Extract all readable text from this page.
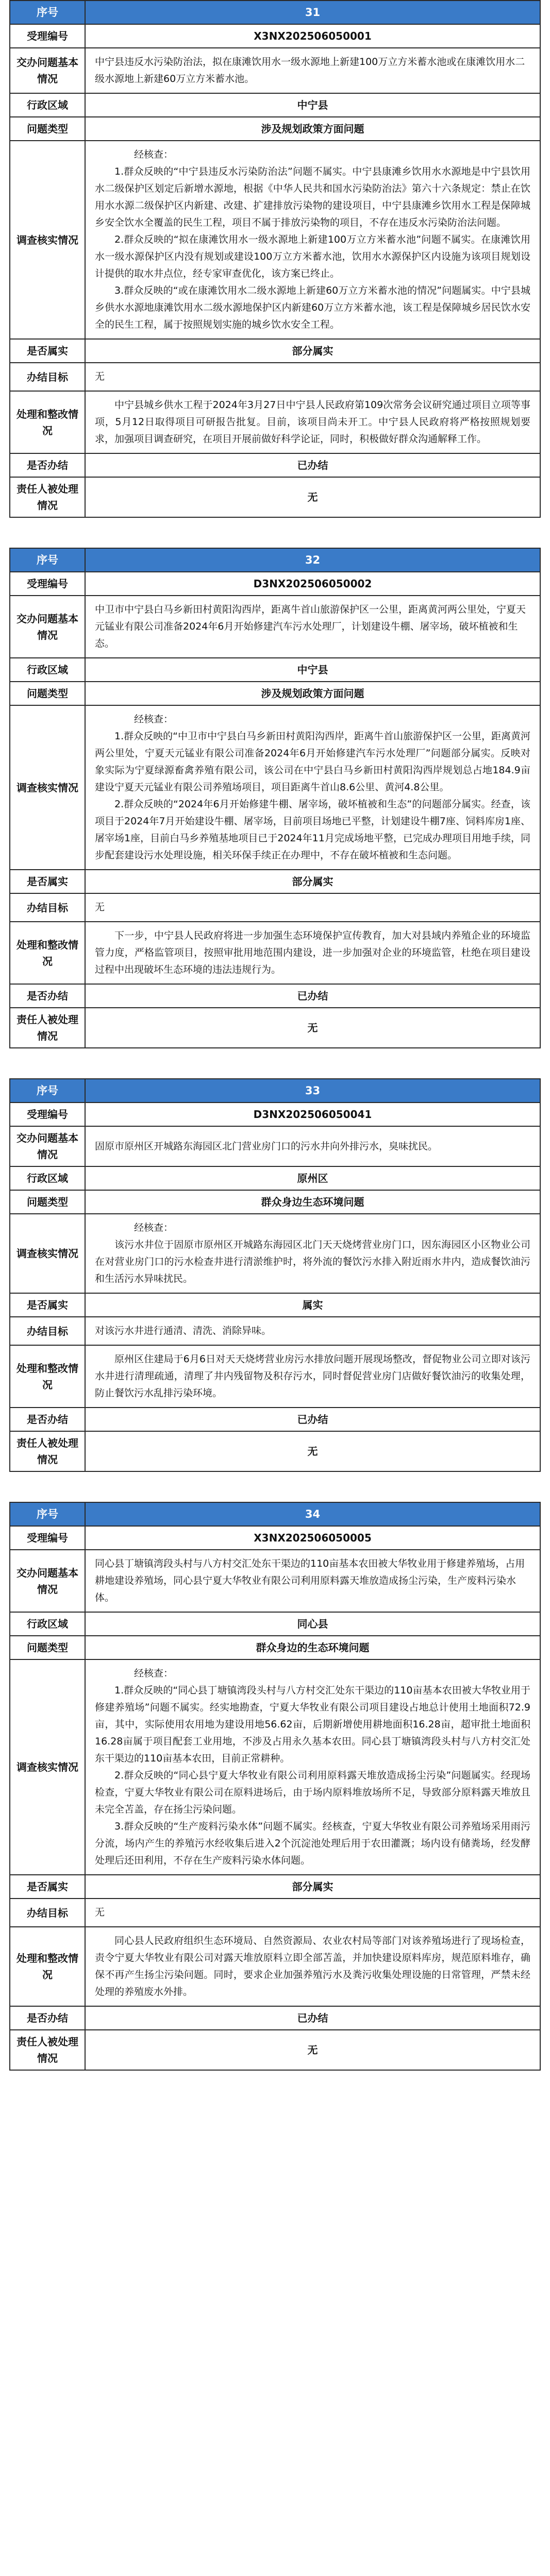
序号	31
受理编号	X3NX202506050001
交办问题基本情况	中宁县违反水污染防治法，拟在康滩饮用水一级水源地上新建100万立方米蓄水池或在康滩饮用水二级水源地上新建60万立方米蓄水池。
行政区域	中宁县
问题类型	涉及规划政策方面问题
调查核实情况	经核查：

1.群众反映的“中宁县违反水污染防治法”问题不属实。中宁县康滩乡饮用水水源地是中宁县饮用水二级保护区划定后新增水源地，根据《中华人民共和国水污染防治法》第六十六条规定：禁止在饮用水水源二级保护区内新建、改建、扩建排放污染物的建设项目，中宁县康滩乡饮用水工程是保障城乡安全饮水全覆盖的民生工程，项目不属于排放污染物的项目，不存在违反水污染防治法问题。

2.群众反映的“拟在康滩饮用水一级水源地上新建100万立方米蓄水池”问题不属实。在康滩饮用水一级水源保护区内没有规划或建设100万立方米蓄水池，饮用水水源保护区内设施为该项目规划设计提供的取水井点位，经专家审查优化，该方案已终止。

3.群众反映的“或在康滩饮用水二级水源地上新建60万立方米蓄水池的情况”问题属实。中宁县城乡供水水源地康滩饮用水二级水源地保护区内新建60万立方米蓄水池，该工程是保障城乡居民饮水安全的民生工程，属于按照规划实施的城乡饮水安全工程。

是否属实	部分属实
办结目标	无
处理和整改情况	中宁县城乡供水工程于2024年3月27日中宁县人民政府第109次常务会议研究通过项目立项等事项，5月12日取得项目可研报告批复。目前，该项目尚未开工。中宁县人民政府将严格按照规划要求，加强项目调查研究，在项目开展前做好科学论证，同时，积极做好群众沟通解释工作。

是否办结	已办结
责任人被处理情况	无
序号	32
受理编号	D3NX202506050002
交办问题基本情况	中卫市中宁县白马乡新田村黄阳沟西岸，距离牛首山旅游保护区一公里，距离黄河两公里处，宁夏天元锰业有限公司准备2024年6月开始修建汽车污水处理厂，计划建设牛棚、屠宰场，破坏植被和生态。
行政区域	中宁县
问题类型	涉及规划政策方面问题
调查核实情况	经核查：

1.群众反映的“中卫市中宁县白马乡新田村黄阳沟西岸，距离牛首山旅游保护区一公里，距离黄河两公里处，宁夏天元锰业有限公司准备2024年6月开始修建汽车污水处理厂”问题部分属实。反映对象实际为宁夏绿源畜禽养殖有限公司，该公司在中宁县白马乡新田村黄阳沟西岸规划总占地184.9亩建设宁夏天元锰业有限公司养殖场项目，项目距离牛首山8.6公里、黄河4.8公里。

2.群众反映的“2024年6月开始修建牛棚、屠宰场，破坏植被和生态”的问题部分属实。经查，该项目于2024年7月开始建设牛棚、屠宰场，目前项目场地已平整，计划建设牛棚7座、饲料库房1座、屠宰场1座，目前白马乡养殖基地项目已于2024年11月完成场地平整，已完成办理项目用地手续，同步配套建设污水处理设施，相关环保手续正在办理中，不存在破坏植被和生态问题。

是否属实	部分属实
办结目标	无
处理和整改情况	下一步，中宁县人民政府将进一步加强生态环境保护宣传教育，加大对县域内养殖企业的环境监管力度，严格监管项目，按照审批用地范围内建设，进一步加强对企业的环境监管，杜绝在项目建设过程中出现破坏生态环境的违法违规行为。

是否办结	已办结
责任人被处理情况	无
序号	33
受理编号	D3NX202506050041
交办问题基本情况	固原市原州区开城路东海园区北门营业房门口的污水井向外排污水，臭味扰民。
行政区域	原州区
问题类型	群众身边生态环境问题
调查核实情况	经核查：

该污水井位于固原市原州区开城路东海园区北门天天烧烤营业房门口，因东海园区小区物业公司在对营业房门口的污水检查井进行清淤维护时，将外流的餐饮污水排入附近雨水井内，造成餐饮油污和生活污水异味扰民。

是否属实	属实
办结目标	对该污水井进行通清、清洗、消除异味。
处理和整改情况	原州区住建局于6月6日对天天烧烤营业房污水排放问题开展现场整改，督促物业公司立即对该污水井进行清理疏通，清理了井内残留物及积存污水，同时督促营业房门店做好餐饮油污的收集处理，防止餐饮污水乱排污染环境。

是否办结	已办结
责任人被处理情况	无
序号	34
受理编号	X3NX202506050005
交办问题基本情况	同心县丁塘镇湾段头村与八方村交汇处东干渠边的110亩基本农田被大华牧业用于修建养殖场，占用耕地建设养殖场，同心县宁夏大华牧业有限公司利用原料露天堆放造成扬尘污染，生产废料污染水体。
行政区域	同心县
问题类型	群众身边的生态环境问题
调查核实情况	经核查：

1.群众反映的“同心县丁塘镇湾段头村与八方村交汇处东干渠边的110亩基本农田被大华牧业用于修建养殖场”问题不属实。经实地勘查，宁夏大华牧业有限公司项目建设占地总计使用土地面积72.9亩，其中，实际使用农用地为建设用地56.62亩，后期新增使用耕地面积16.28亩，超审批土地面积16.28亩属于项目配套工业用地，不涉及占用永久基本农田。同心县丁塘镇湾段头村与八方村交汇处东干渠边的110亩基本农田，目前正常耕种。

2.群众反映的“同心县宁夏大华牧业有限公司利用原料露天堆放造成扬尘污染”问题属实。经现场检查，宁夏大华牧业有限公司在原料进场后，由于场内原料堆放场所不足，导致部分原料露天堆放且未完全苫盖，存在扬尘污染问题。

3.群众反映的“生产废料污染水体”问题不属实。经核查，宁夏大华牧业有限公司养殖场采用雨污分流，场内产生的养殖污水经收集后进入2个沉淀池处理后用于农田灌溉；场内设有储粪场，经发酵处理后还田利用，不存在生产废料污染水体问题。

是否属实	部分属实
办结目标	无
处理和整改情况	同心县人民政府组织生态环境局、自然资源局、农业农村局等部门对该养殖场进行了现场检查，责令宁夏大华牧业有限公司对露天堆放原料立即全部苫盖，并加快建设原料库房，规范原料堆存，确保不再产生扬尘污染问题。同时，要求企业加强养殖污水及粪污收集处理设施的日常管理，严禁未经处理的养殖废水外排。

是否办结	已办结
责任人被处理情况	无
